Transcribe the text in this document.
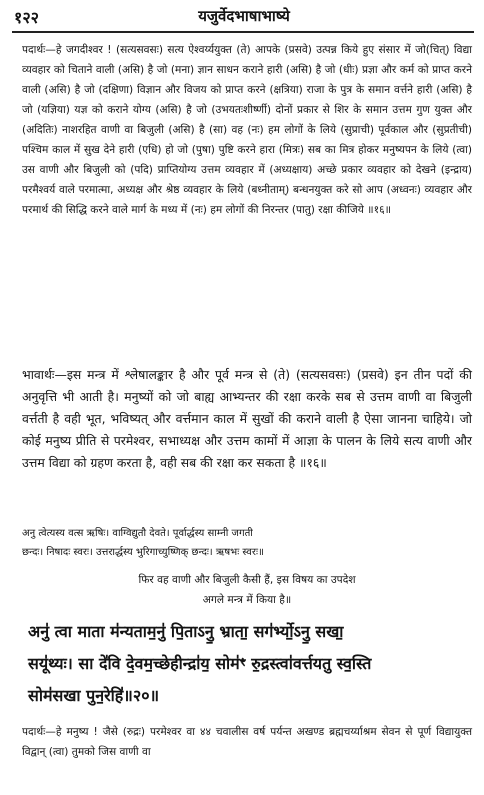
१२२	यजुर्वेदभाषाभाष्ये

पदार्थः—हे जगदीश्वर ! (सत्यसवसः) सत्य ऐश्वर्य्ययुक्त (ते) आपके (प्रसवे) उत्पन्न किये हुए संसार में जो(चित्) विद्या व्यवहार को चिताने वाली (असि) है जो (मना) ज्ञान साधन कराने हारी (असि) है जो (धीः) प्रज्ञा और कर्म को प्राप्त करने वाली (असि) है जो (दक्षिणा) विज्ञान और विजय को प्राप्त करने (क्षत्रिया) राजा के पुत्र के समान वर्त्तने हारी (असि) है जो (यज्ञिया) यज्ञ को कराने योग्य (असि) है जो (उभयतःशीर्ष्णी) दोनों प्रकार से शिर के समान उत्तम गुण युक्त और (अदितिः) नाशरहित वाणी वा बिजुली (असि) है (सा) वह (नः) हम लोगों के लिये (सुप्राची) पूर्वकाल और (सुप्रतीची) पश्चिम काल में सुख देने हारी (एधि) हो जो (पुषा) पुष्टि करने हारा (मित्रः) सब का मित्र होकर मनुष्यपन के लिये (त्वा) उस वाणी और बिजुली को (पदि) प्राप्तियोग्य उत्तम व्यवहार में (अध्यक्षाय) अच्छे प्रकार व्यवहार को देखने (इन्द्राय) परमैश्वर्य वाले परमात्मा, अध्यक्ष और श्रेष्ठ व्यवहार के लिये (बध्नीताम्) बन्धनयुक्त करे सो आप (अध्वनः) व्यवहार और परमार्थ की सिद्धि करने वाले मार्ग के मध्य में (नः) हम लोगों की निरन्तर (पातु) रक्षा कीजिये ॥१६॥

भावार्थः—इस मन्त्र में श्लेषालङ्कार है और पूर्व मन्त्र से (ते) (सत्यसवसः) (प्रसवे) इन तीन पदों की अनुवृत्ति भी आती है। मनुष्यों को जो बाह्य आभ्यन्तर की रक्षा करके सब से उत्तम वाणी वा बिजुली वर्त्तती है वही भूत, भविष्यत् और वर्त्तमान काल में सुखों की कराने वाली है ऐसा जानना चाहिये। जो कोई मनुष्य प्रीति से परमेश्वर, सभाध्यक्ष और उत्तम कामों में आज्ञा के पालन के लिये सत्य वाणी और उत्तम विद्या को ग्रहण करता है, वही सब की रक्षा कर सकता है ॥१६॥

अनु त्वेत्यस्य वत्स ऋषिः। वाग्विद्युतौ देवते। पूर्वार्द्धस्य साम्नी जगती

छन्दः। निषादः स्वरः। उत्तरार्द्धस्य भुरिगाच्युष्णिक् छन्दः। ऋषभः स्वरः॥

फिर वह वाणी और बिजुली कैसी हैं, इस विषय का उपदेश

अगले मन्त्र में किया है॥

अनु॑ त्वा माता म॑न्यताम॒नु॑ पि॒ताऽनु॒ भ्राता॒ सग॑र्भ्यो॒ऽनु॒ सखा॒

सयू॑थ्यः। सा दे॑वि दे॒वम॒च्छेहीन्द्रा॑य॒ सोम॑ꣳ रु॒द्रस्त्वा॑वर्त्तयतु स्व॒स्ति

सोम॑सखा पुन॒रेहि॑॥२०॥

पदार्थः—हे मनुष्य ! जैसे (रुद्रः) परमेश्वर वा ४४ चवालीस वर्ष पर्यन्त अखण्ड ब्रह्मचर्य्याश्रम सेवन से पूर्ण विद्यायुक्त विद्वान् (त्वा) तुमको जिस वाणी वा
